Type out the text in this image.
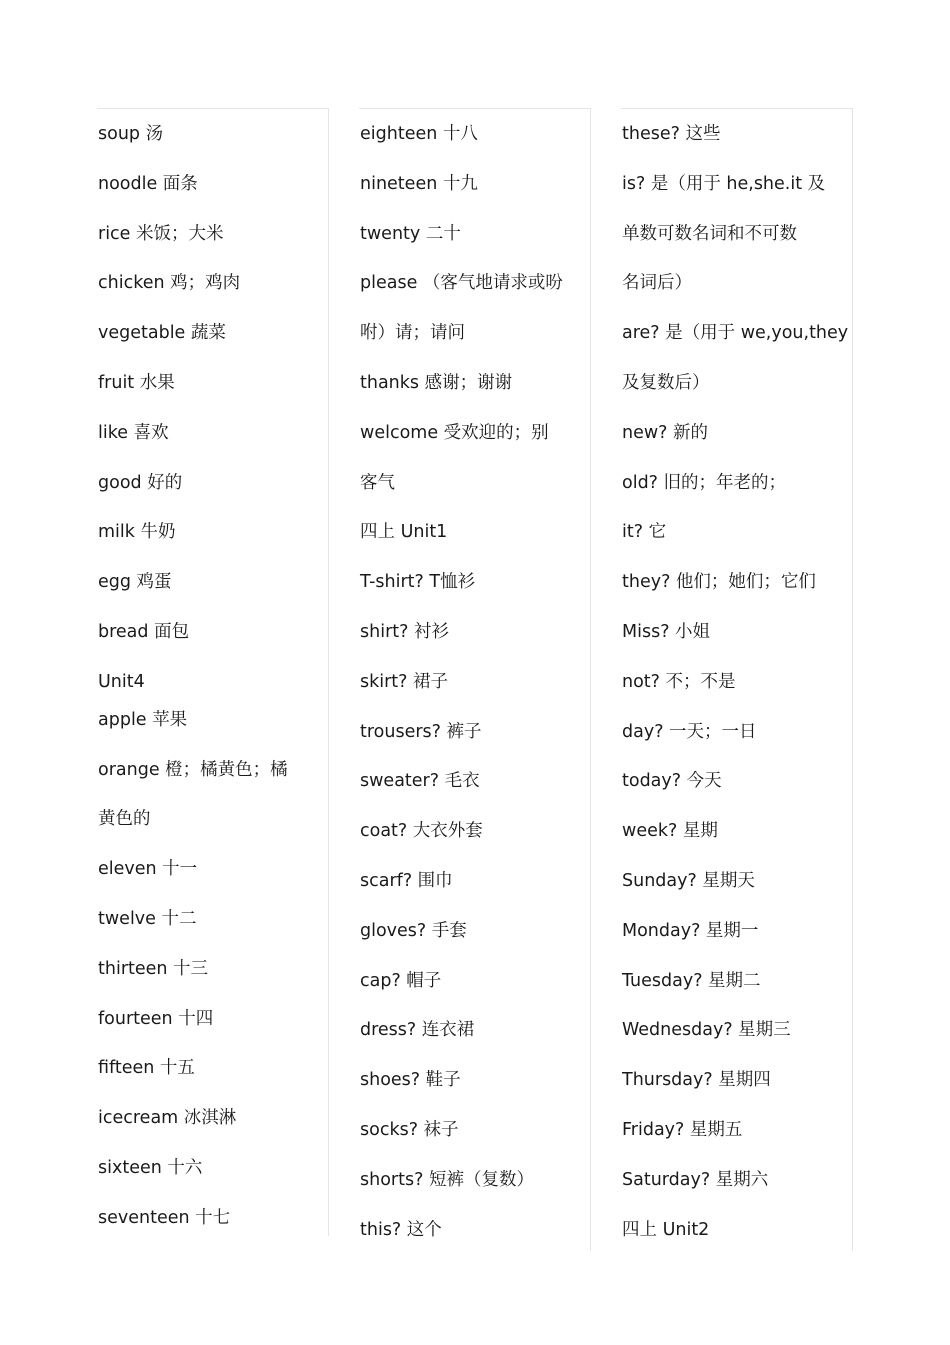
soup 汤
noodle 面条
rice 米饭；大米
chicken 鸡；鸡肉
vegetable 蔬菜
fruit 水果
like 喜欢
good 好的
milk 牛奶
egg 鸡蛋
bread 面包
Unit4
apple 苹果
orange 橙；橘黄色；橘
黄色的
eleven 十一
twelve 十二
thirteen 十三
fourteen 十四
fifteen 十五
icecream 冰淇淋
sixteen 十六
seventeen 十七
eighteen 十八
nineteen 十九
twenty 二十
please （客气地请求或吩
咐）请；请问
thanks 感谢；谢谢
welcome 受欢迎的；别
客气
四上 Unit1
T-shirt? T恤衫
shirt? 衬衫
skirt? 裙子
trousers? 裤子
sweater? 毛衣
coat? 大衣外套
scarf? 围巾
gloves? 手套
cap? 帽子
dress? 连衣裙
shoes? 鞋子
socks? 袜子
shorts? 短裤（复数）
this? 这个
these? 这些
is? 是（用于 he,she.it 及
单数可数名词和不可数
名词后）
are? 是（用于 we,you,they
及复数后）
new? 新的
old? 旧的；年老的；
it? 它
they? 他们；她们；它们
Miss? 小姐
not? 不；不是
day? 一天；一日
today? 今天
week? 星期
Sunday? 星期天
Monday? 星期一
Tuesday? 星期二
Wednesday? 星期三
Thursday? 星期四
Friday? 星期五
Saturday? 星期六
四上 Unit2
